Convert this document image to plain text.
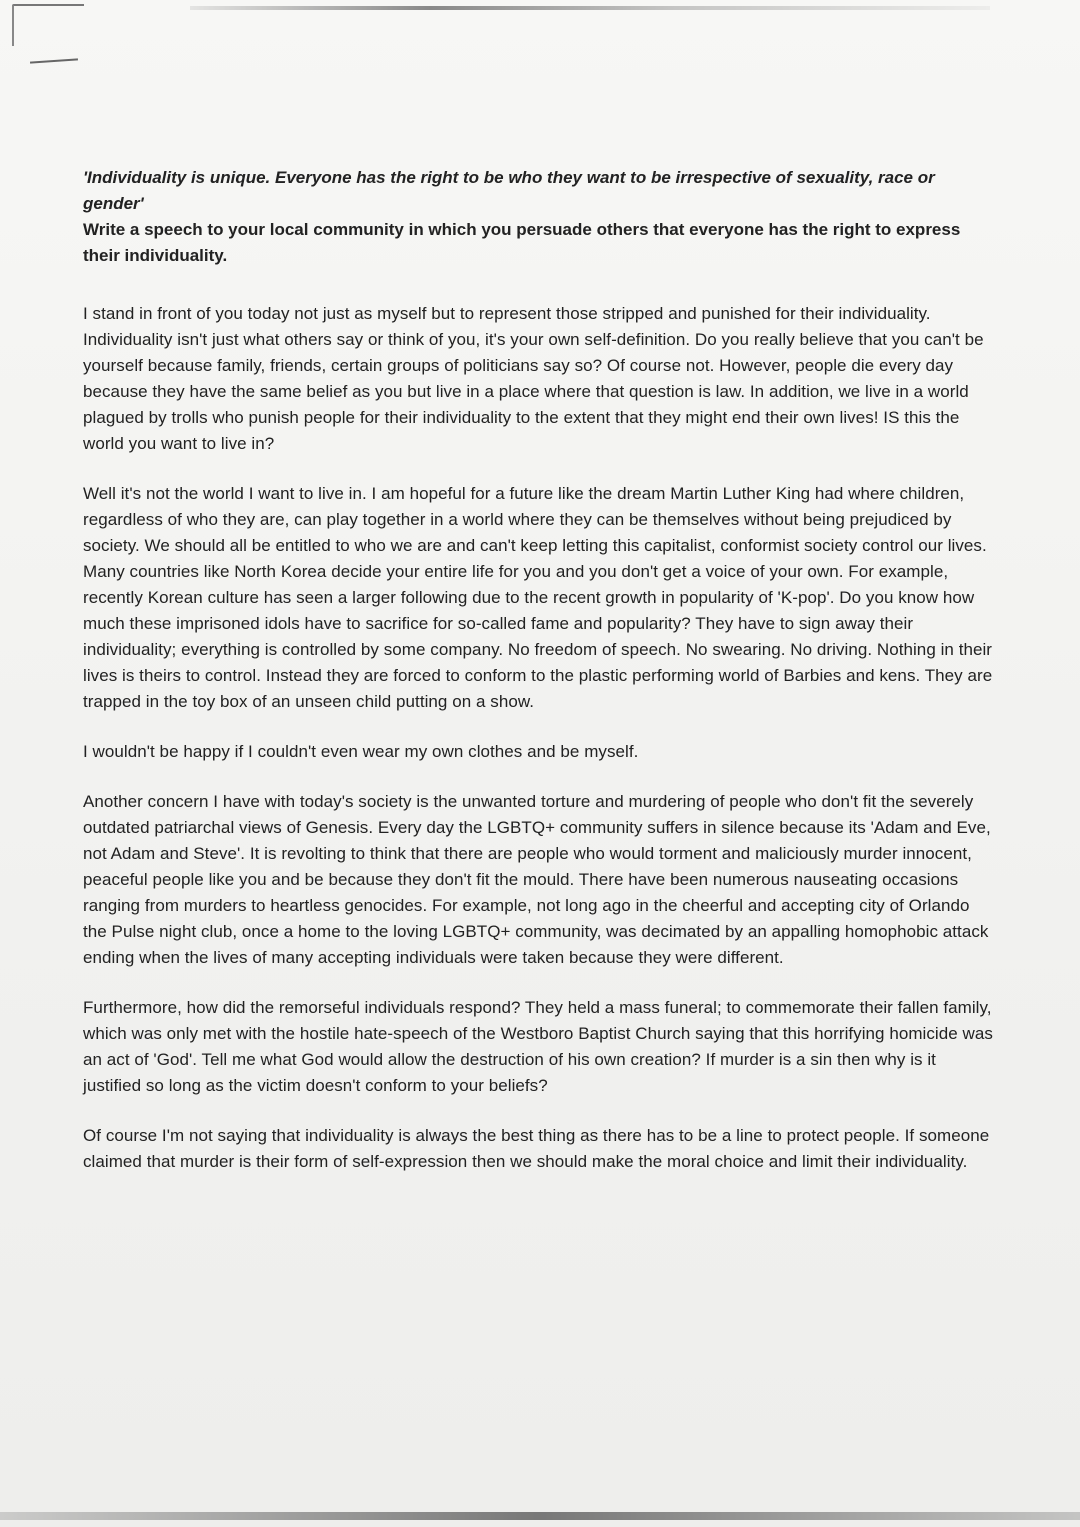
'Individuality is unique. Everyone has the right to be who they want to be irrespective of sexuality, race or gender'

Write a speech to your local community in which you persuade others that everyone has the right to express their individuality.

I stand in front of you today not just as myself but to represent those stripped and punished for their individuality. Individuality isn't just what others say or think of you, it's your own self-definition. Do you really believe that you can't be yourself because family, friends, certain groups of politicians say so? Of course not. However, people die every day because they have the same belief as you but live in a place where that question is law. In addition, we live in a world plagued by trolls who punish people for their individuality to the extent that they might end their own lives! IS this the world you want to live in?

Well it's not the world I want to live in. I am hopeful for a future like the dream Martin Luther King had where children, regardless of who they are, can play together in a world where they can be themselves without being prejudiced by society. We should all be entitled to who we are and can't keep letting this capitalist, conformist society control our lives. Many countries like North Korea decide your entire life for you and you don't get a voice of your own. For example, recently Korean culture has seen a larger following due to the recent growth in popularity of 'K-pop'. Do you know how much these imprisoned idols have to sacrifice for so-called fame and popularity? They have to sign away their individuality; everything is controlled by some company. No freedom of speech. No swearing. No driving. Nothing in their lives is theirs to control. Instead they are forced to conform to the plastic performing world of Barbies and kens. They are trapped in the toy box of an unseen child putting on a show.

I wouldn't be happy if I couldn't even wear my own clothes and be myself.

Another concern I have with today's society is the unwanted torture and murdering of people who don't fit the severely outdated patriarchal views of Genesis. Every day the LGBTQ+ community suffers in silence because its 'Adam and Eve, not Adam and Steve'. It is revolting to think that there are people who would torment and maliciously murder innocent, peaceful people like you and be because they don't fit the mould. There have been numerous nauseating occasions ranging from murders to heartless genocides. For example, not long ago in the cheerful and accepting city of Orlando the Pulse night club, once a home to the loving LGBTQ+ community, was decimated by an appalling homophobic attack ending when the lives of many accepting individuals were taken because they were different.

Furthermore, how did the remorseful individuals respond? They held a mass funeral; to commemorate their fallen family, which was only met with the hostile hate-speech of the Westboro Baptist Church saying that this horrifying homicide was an act of 'God'. Tell me what God would allow the destruction of his own creation? If murder is a sin then why is it justified so long as the victim doesn't conform to your beliefs?

Of course I'm not saying that individuality is always the best thing as there has to be a line to protect people. If someone claimed that murder is their form of self-expression then we should make the moral choice and limit their individuality.
